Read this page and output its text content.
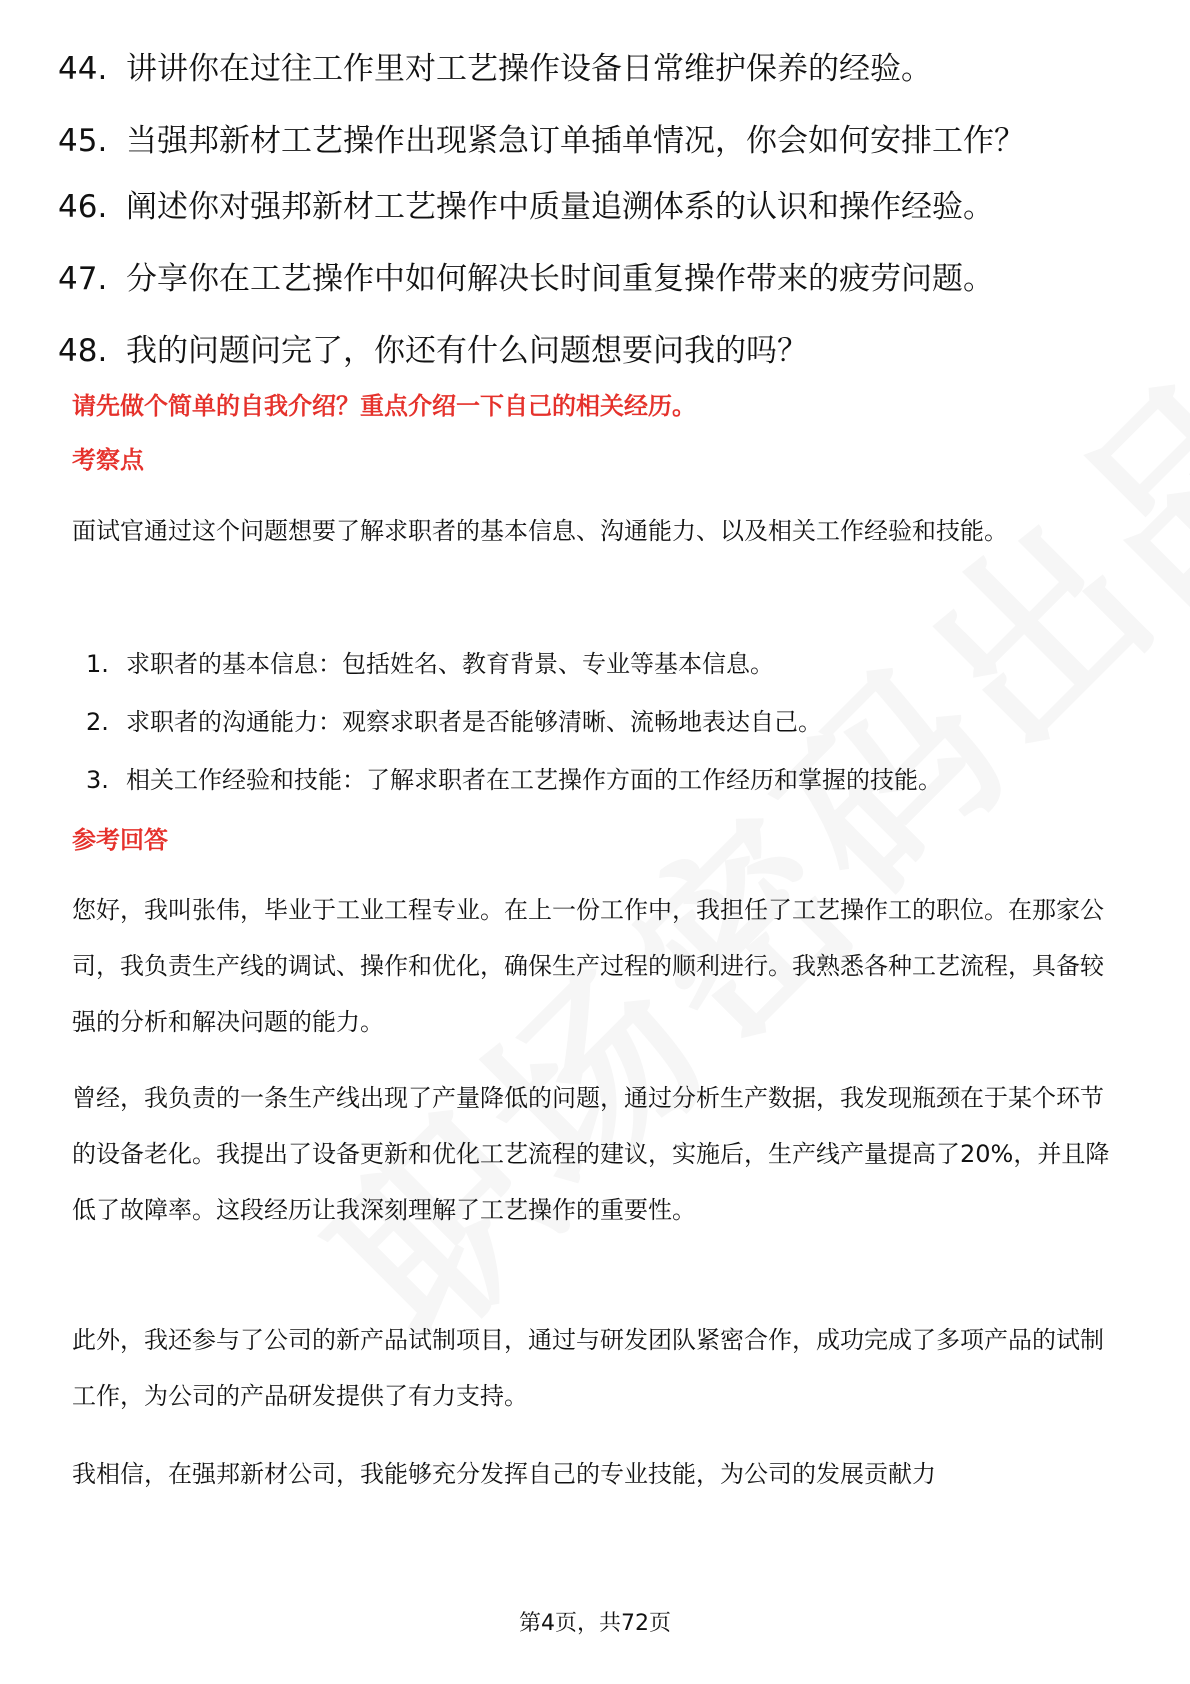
44. 讲讲你在过往工作里对工艺操作设备日常维护保养的经验。
45. 当强邦新材工艺操作出现紧急订单插单情况，你会如何安排工作？
46. 阐述你对强邦新材工艺操作中质量追溯体系的认识和操作经验。
47. 分享你在工艺操作中如何解决长时间重复操作带来的疲劳问题。
48. 我的问题问完了，你还有什么问题想要问我的吗？
请先做个简单的自我介绍？重点介绍一下自己的相关经历。
考察点

面试官通过这个问题想要了解求职者的基本信息、沟通能力、以及相关工作经验和技能。

1. 求职者的基本信息：包括姓名、教育背景、专业等基本信息。
2. 求职者的沟通能力：观察求职者是否能够清晰、流畅地表达自己。
3. 相关工作经验和技能：了解求职者在工艺操作方面的工作经历和掌握的技能。
参考回答

您好，我叫张伟，毕业于工业工程专业。在上一份工作中，我担任了工艺操作工的职位。在那家公司，我负责生产线的调试、操作和优化，确保生产过程的顺利进行。我熟悉各种工艺流程，具备较强的分析和解决问题的能力。

曾经，我负责的一条生产线出现了产量降低的问题，通过分析生产数据，我发现瓶颈在于某个环节的设备老化。我提出了设备更新和优化工艺流程的建议，实施后，生产线产量提高了20%，并且降低了故障率。这段经历让我深刻理解了工艺操作的重要性。

此外，我还参与了公司的新产品试制项目，通过与研发团队紧密合作，成功完成了多项产品的试制工作，为公司的产品研发提供了有力支持。

我相信，在强邦新材公司，我能够充分发挥自己的专业技能，为公司的发展贡献力

第4页，共72页
